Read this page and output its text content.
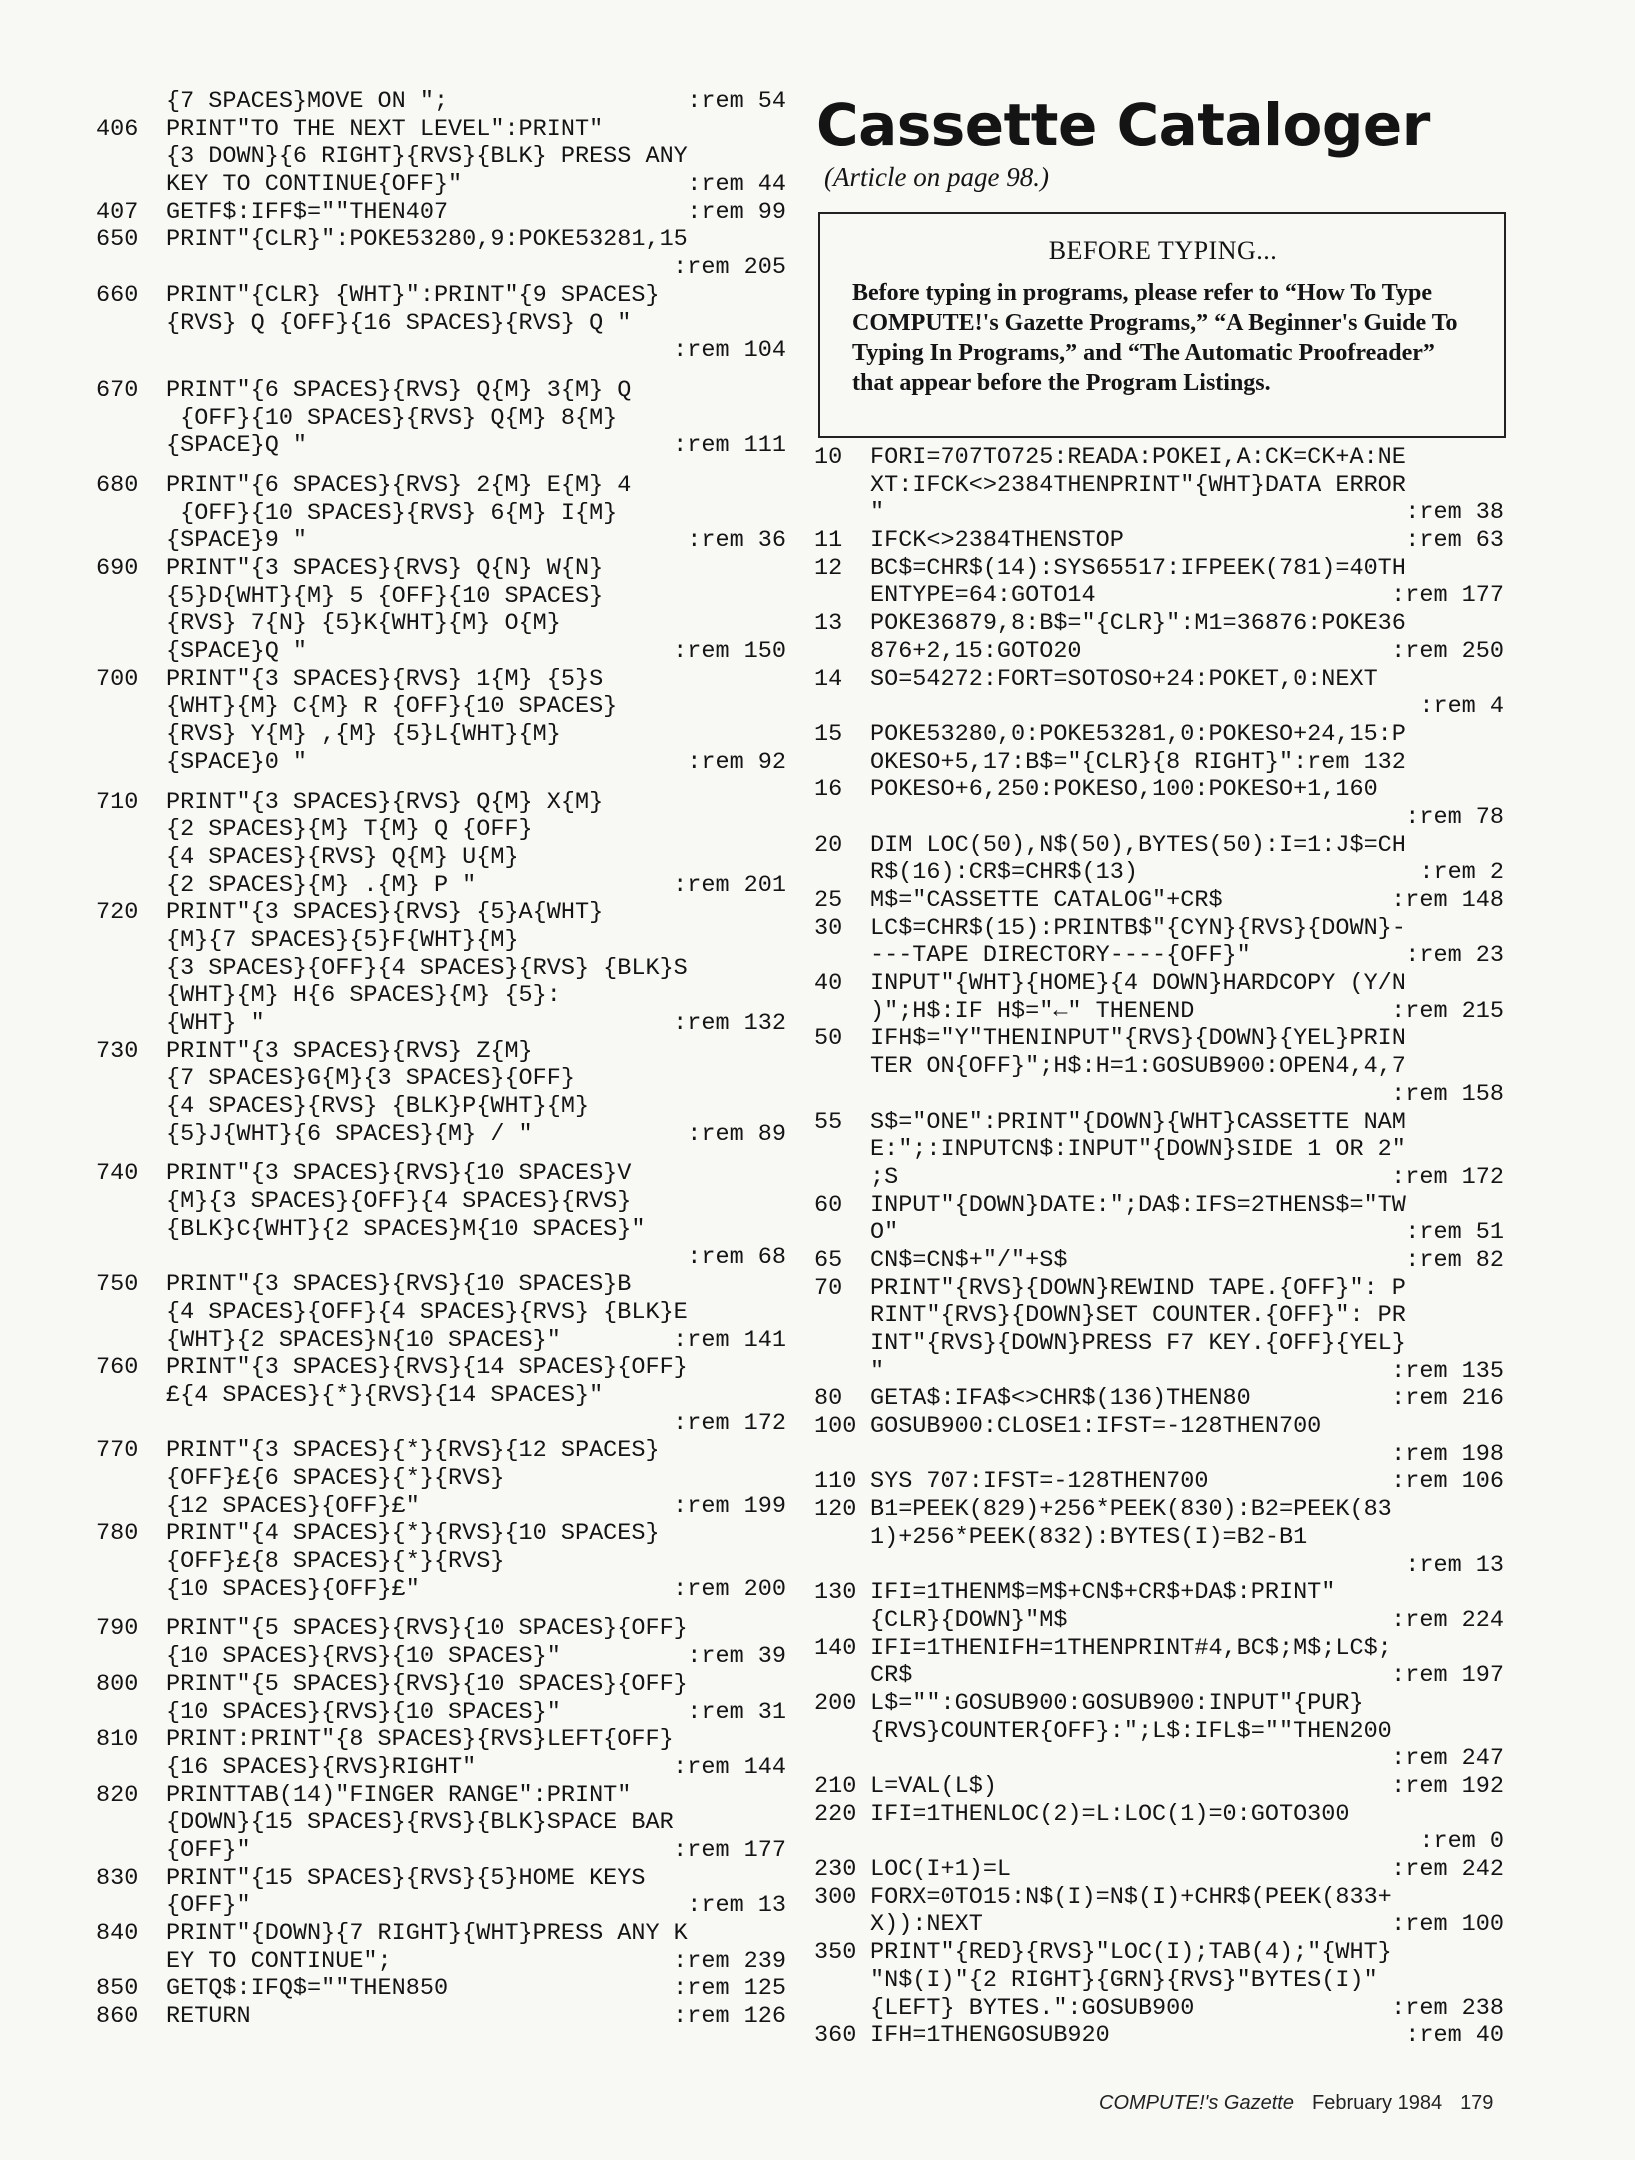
{7 SPACES}MOVE ON ";	:rem 54
406 PRINT"TO THE NEXT LEVEL":PRINT"
{3 DOWN}{6 RIGHT}{RVS}{BLK} PRESS ANY
KEY TO CONTINUE{OFF}"	:rem 44
407 GETF$:IFF$=""THEN407	:rem 99
650 PRINT"{CLR}":POKE53280,9:POKE53281,15
:rem 205
660 PRINT"{CLR} {WHT}":PRINT"{9 SPACES}
{RVS} Q {OFF}{16 SPACES}{RVS} Q "
:rem 104
670 PRINT"{6 SPACES}{RVS} Q{M} 3{M} Q
{OFF}{10 SPACES}{RVS} Q{M} 8{M}
{SPACE}Q "	:rem 111
680 PRINT"{6 SPACES}{RVS} 2{M} E{M} 4
{OFF}{10 SPACES}{RVS} 6{M} I{M}
{SPACE}9 "	:rem 36
690 PRINT"{3 SPACES}{RVS} Q{N} W{N}
{5}D{WHT}{M} 5 {OFF}{10 SPACES}
{RVS} 7{N} {5}K{WHT}{M} O{M}
{SPACE}Q "	:rem 150
700 PRINT"{3 SPACES}{RVS} 1{M} {5}S
{WHT}{M} C{M} R {OFF}{10 SPACES}
{RVS} Y{M} ,{M} {5}L{WHT}{M}
{SPACE}0 "	:rem 92
710 PRINT"{3 SPACES}{RVS} Q{M} X{M}
{2 SPACES}{M} T{M} Q {OFF}
{4 SPACES}{RVS} Q{M} U{M}
{2 SPACES}{M} .{M} P "	:rem 201
720 PRINT"{3 SPACES}{RVS} {5}A{WHT}
{M}{7 SPACES}{5}F{WHT}{M}
{3 SPACES}{OFF}{4 SPACES}{RVS} {BLK}S
{WHT}{M} H{6 SPACES}{M} {5}:
{WHT} "	:rem 132
730 PRINT"{3 SPACES}{RVS} Z{M}
{7 SPACES}G{M}{3 SPACES}{OFF}
{4 SPACES}{RVS} {BLK}P{WHT}{M}
{5}J{WHT}{6 SPACES}{M} / "	:rem 89
740 PRINT"{3 SPACES}{RVS}{10 SPACES}V
{M}{3 SPACES}{OFF}{4 SPACES}{RVS}
{BLK}C{WHT}{2 SPACES}M{10 SPACES}"
:rem 68
750 PRINT"{3 SPACES}{RVS}{10 SPACES}B
{4 SPACES}{OFF}{4 SPACES}{RVS} {BLK}E
{WHT}{2 SPACES}N{10 SPACES}"	:rem 141
760 PRINT"{3 SPACES}{RVS}{14 SPACES}{OFF}
£{4 SPACES}{*}{RVS}{14 SPACES}"
:rem 172
770 PRINT"{3 SPACES}{*}{RVS}{12 SPACES}
{OFF}£{6 SPACES}{*}{RVS}
{12 SPACES}{OFF}£"	:rem 199
780 PRINT"{4 SPACES}{*}{RVS}{10 SPACES}
{OFF}£{8 SPACES}{*}{RVS}
{10 SPACES}{OFF}£"	:rem 200
790 PRINT"{5 SPACES}{RVS}{10 SPACES}{OFF}
{10 SPACES}{RVS}{10 SPACES}"	:rem 39
800 PRINT"{5 SPACES}{RVS}{10 SPACES}{OFF}
{10 SPACES}{RVS}{10 SPACES}"	:rem 31
810 PRINT:PRINT"{8 SPACES}{RVS}LEFT{OFF}
{16 SPACES}{RVS}RIGHT"	:rem 144
820 PRINTTAB(14)"FINGER RANGE":PRINT"
{DOWN}{15 SPACES}{RVS}{BLK}SPACE BAR
{OFF}"	:rem 177
830 PRINT"{15 SPACES}{RVS}{5}HOME KEYS
{OFF}"	:rem 13
840 PRINT"{DOWN}{7 RIGHT}{WHT}PRESS ANY K
EY TO CONTINUE";	:rem 239
850 GETQ$:IFQ$=""THEN850	:rem 125
860 RETURN	:rem 126
Cassette Cataloger
(Article on page 98.)
BEFORE TYPING...

Before typing in programs, please refer to “How To Type COMPUTE!'s Gazette Programs,” “A Beginner's Guide To Typing In Programs,” and “The Automatic Proofreader” that appear before the Program Listings.

10 FORI=707TO725:READA:POKEI,A:CK=CK+A:NE
XT:IFCK<>2384THENPRINT"{WHT}DATA ERROR
"	:rem 38
11 IFCK<>2384THENSTOP	:rem 63
12 BC$=CHR$(14):SYS65517:IFPEEK(781)=40TH
ENTYPE=64:GOTO14	:rem 177
13 POKE36879,8:B$="{CLR}":M1=36876:POKE36
876+2,15:GOTO20	:rem 250
14 SO=54272:FORT=SOTOSO+24:POKET,0:NEXT
:rem 4
15 POKE53280,0:POKE53281,0:POKESO+24,15:P
OKESO+5,17:B$="{CLR}{8 RIGHT}":rem 132
16 POKESO+6,250:POKESO,100:POKESO+1,160
:rem 78
20 DIM LOC(50),N$(50),BYTES(50):I=1:J$=CH
R$(16):CR$=CHR$(13)	:rem 2
25 M$="CASSETTE CATALOG"+CR$	:rem 148
30 LC$=CHR$(15):PRINTB$"{CYN}{RVS}{DOWN}-
---TAPE DIRECTORY----{OFF}"	:rem 23
40 INPUT"{WHT}{HOME}{4 DOWN}HARDCOPY (Y/N
)";H$:IF H$="←" THENEND	:rem 215
50 IFH$="Y"THENINPUT"{RVS}{DOWN}{YEL}PRIN
TER ON{OFF}";H$:H=1:GOSUB900:OPEN4,4,7
:rem 158
55 S$="ONE":PRINT"{DOWN}{WHT}CASSETTE NAM
E:";:INPUTCN$:INPUT"{DOWN}SIDE 1 OR 2"
;S	:rem 172
60 INPUT"{DOWN}DATE:";DA$:IFS=2THENS$="TW
O"	:rem 51
65 CN$=CN$+"/"+S$	:rem 82
70 PRINT"{RVS}{DOWN}REWIND TAPE.{OFF}": P
RINT"{RVS}{DOWN}SET COUNTER.{OFF}": PR
INT"{RVS}{DOWN}PRESS F7 KEY.{OFF}{YEL}
"	:rem 135
80 GETA$:IFA$<>CHR$(136)THEN80	:rem 216
100 GOSUB900:CLOSE1:IFST=-128THEN700
:rem 198
110 SYS 707:IFST=-128THEN700	:rem 106
120 B1=PEEK(829)+256*PEEK(830):B2=PEEK(83
1)+256*PEEK(832):BYTES(I)=B2-B1
:rem 13
130 IFI=1THENM$=M$+CN$+CR$+DA$:PRINT"
{CLR}{DOWN}"M$	:rem 224
140 IFI=1THENIFH=1THENPRINT#4,BC$;M$;LC$;
CR$	:rem 197
200 L$="":GOSUB900:GOSUB900:INPUT"{PUR}
{RVS}COUNTER{OFF}:";L$:IFL$=""THEN200
:rem 247
210 L=VAL(L$)	:rem 192
220 IFI=1THENLOC(2)=L:LOC(1)=0:GOTO300
:rem 0
230 LOC(I+1)=L	:rem 242
300 FORX=0TO15:N$(I)=N$(I)+CHR$(PEEK(833+
X)):NEXT	:rem 100
350 PRINT"{RED}{RVS}"LOC(I);TAB(4);"{WHT}
"N$(I)"{2 RIGHT}{GRN}{RVS}"BYTES(I)"
{LEFT} BYTES.":GOSUB900	:rem 238
360 IFH=1THENGOSUB920	:rem 40
COMPUTE!'s Gazette February 1984 179
